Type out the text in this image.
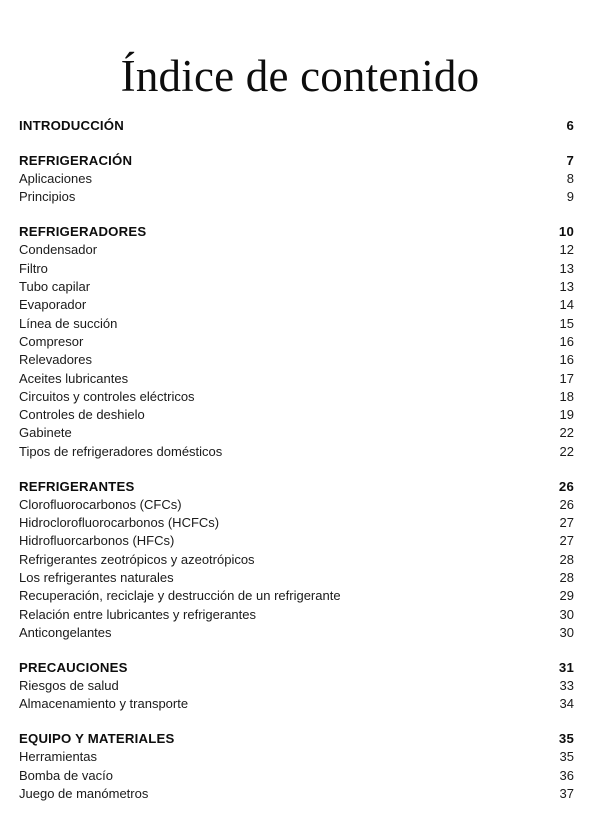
Índice de contenido
INTRODUCCIÓN	6
REFRIGERACIÓN	7
Aplicaciones	8
Principios	9
REFRIGERADORES	10
Condensador	12
Filtro	13
Tubo capilar	13
Evaporador	14
Línea de succión	15
Compresor	16
Relevadores	16
Aceites lubricantes	17
Circuitos y controles eléctricos	18
Controles de deshielo	19
Gabinete	22
Tipos de refrigeradores domésticos	22
REFRIGERANTES	26
Clorofluorocarbonos (CFCs)	26
Hidroclorofluorocarbonos (HCFCs)	27
Hidrofluorcarbonos (HFCs)	27
Refrigerantes zeotrópicos y azeotrópicos	28
Los refrigerantes naturales	28
Recuperación, reciclaje y destrucción de un refrigerante	29
Relación entre lubricantes y refrigerantes	30
Anticongelantes	30
PRECAUCIONES	31
Riesgos de salud	33
Almacenamiento y transporte	34
EQUIPO Y MATERIALES	35
Herramientas	35
Bomba de vacío	36
Juego de manómetros	37
